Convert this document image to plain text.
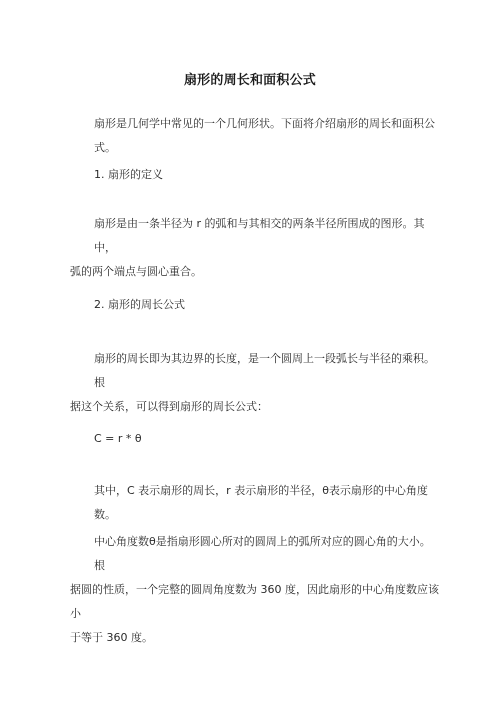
扇形的周长和面积公式
扇形是几何学中常见的一个几何形状。下面将介绍扇形的周长和面积公式。
1. 扇形的定义
扇形是由一条半径为 r 的弧和与其相交的两条半径所围成的图形。其中，
弧的两个端点与圆心重合。
2. 扇形的周长公式
扇形的周长即为其边界的长度，是一个圆周上一段弧长与半径的乘积。根
据这个关系，可以得到扇形的周长公式：
C = r * θ
其中，C 表示扇形的周长，r 表示扇形的半径，θ表示扇形的中心角度数。
中心角度数θ是指扇形圆心所对的圆周上的弧所对应的圆心角的大小。根
据圆的性质，一个完整的圆周角度数为 360 度，因此扇形的中心角度数应该小
于等于 360 度。
